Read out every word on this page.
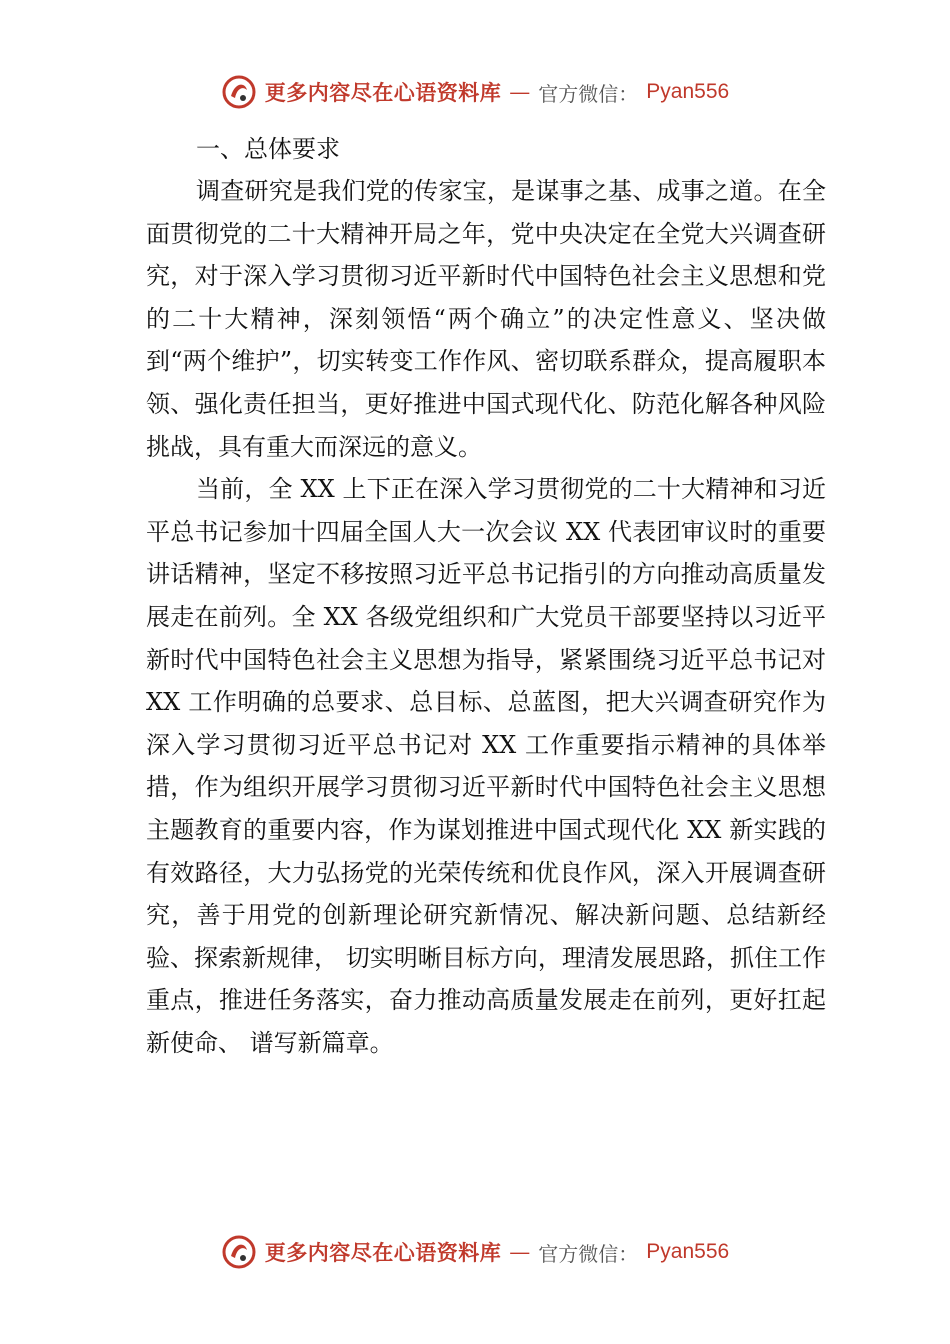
更多内容尽在心语资料库 — 官方微信： Pyan556
一、总体要求

调查研究是我们党的传家宝，是谋事之基、成事之道。在全面贯彻党的二十大精神开局之年，党中央决定在全党大兴调查研究，对于深入学习贯彻习近平新时代中国特色社会主义思想和党的二十大精神，深刻领悟“两个确立”的决定性意义、坚决做到“两个维护”，切实转变工作作风、密切联系群众，提高履职本领、强化责任担当，更好推进中国式现代化、防范化解各种风险挑战，具有重大而深远的意义。

当前，全 XX 上下正在深入学习贯彻党的二十大精神和习近平总书记参加十四届全国人大一次会议 XX 代表团审议时的重要讲话精神，坚定不移按照习近平总书记指引的方向推动高质量发展走在前列。全 XX 各级党组织和广大党员干部要坚持以习近平新时代中国特色社会主义思想为指导，紧紧围绕习近平总书记对 XX 工作明确的总要求、总目标、总蓝图，把大兴调查研究作为深入学习贯彻习近平总书记对 XX 工作重要指示精神的具体举措，作为组织开展学习贯彻习近平新时代中国特色社会主义思想主题教育的重要内容，作为谋划推进中国式现代化 XX 新实践的有效路径，大力弘扬党的光荣传统和优良作风，深入开展调查研究，善于用党的创新理论研究新情况、解决新问题、总结新经验、探索新规律， 切实明晰目标方向，理清发展思路，抓住工作重点，推进任务落实，奋力推动高质量发展走在前列，更好扛起新使命、 谱写新篇章。

更多内容尽在心语资料库 — 官方微信： Pyan556
